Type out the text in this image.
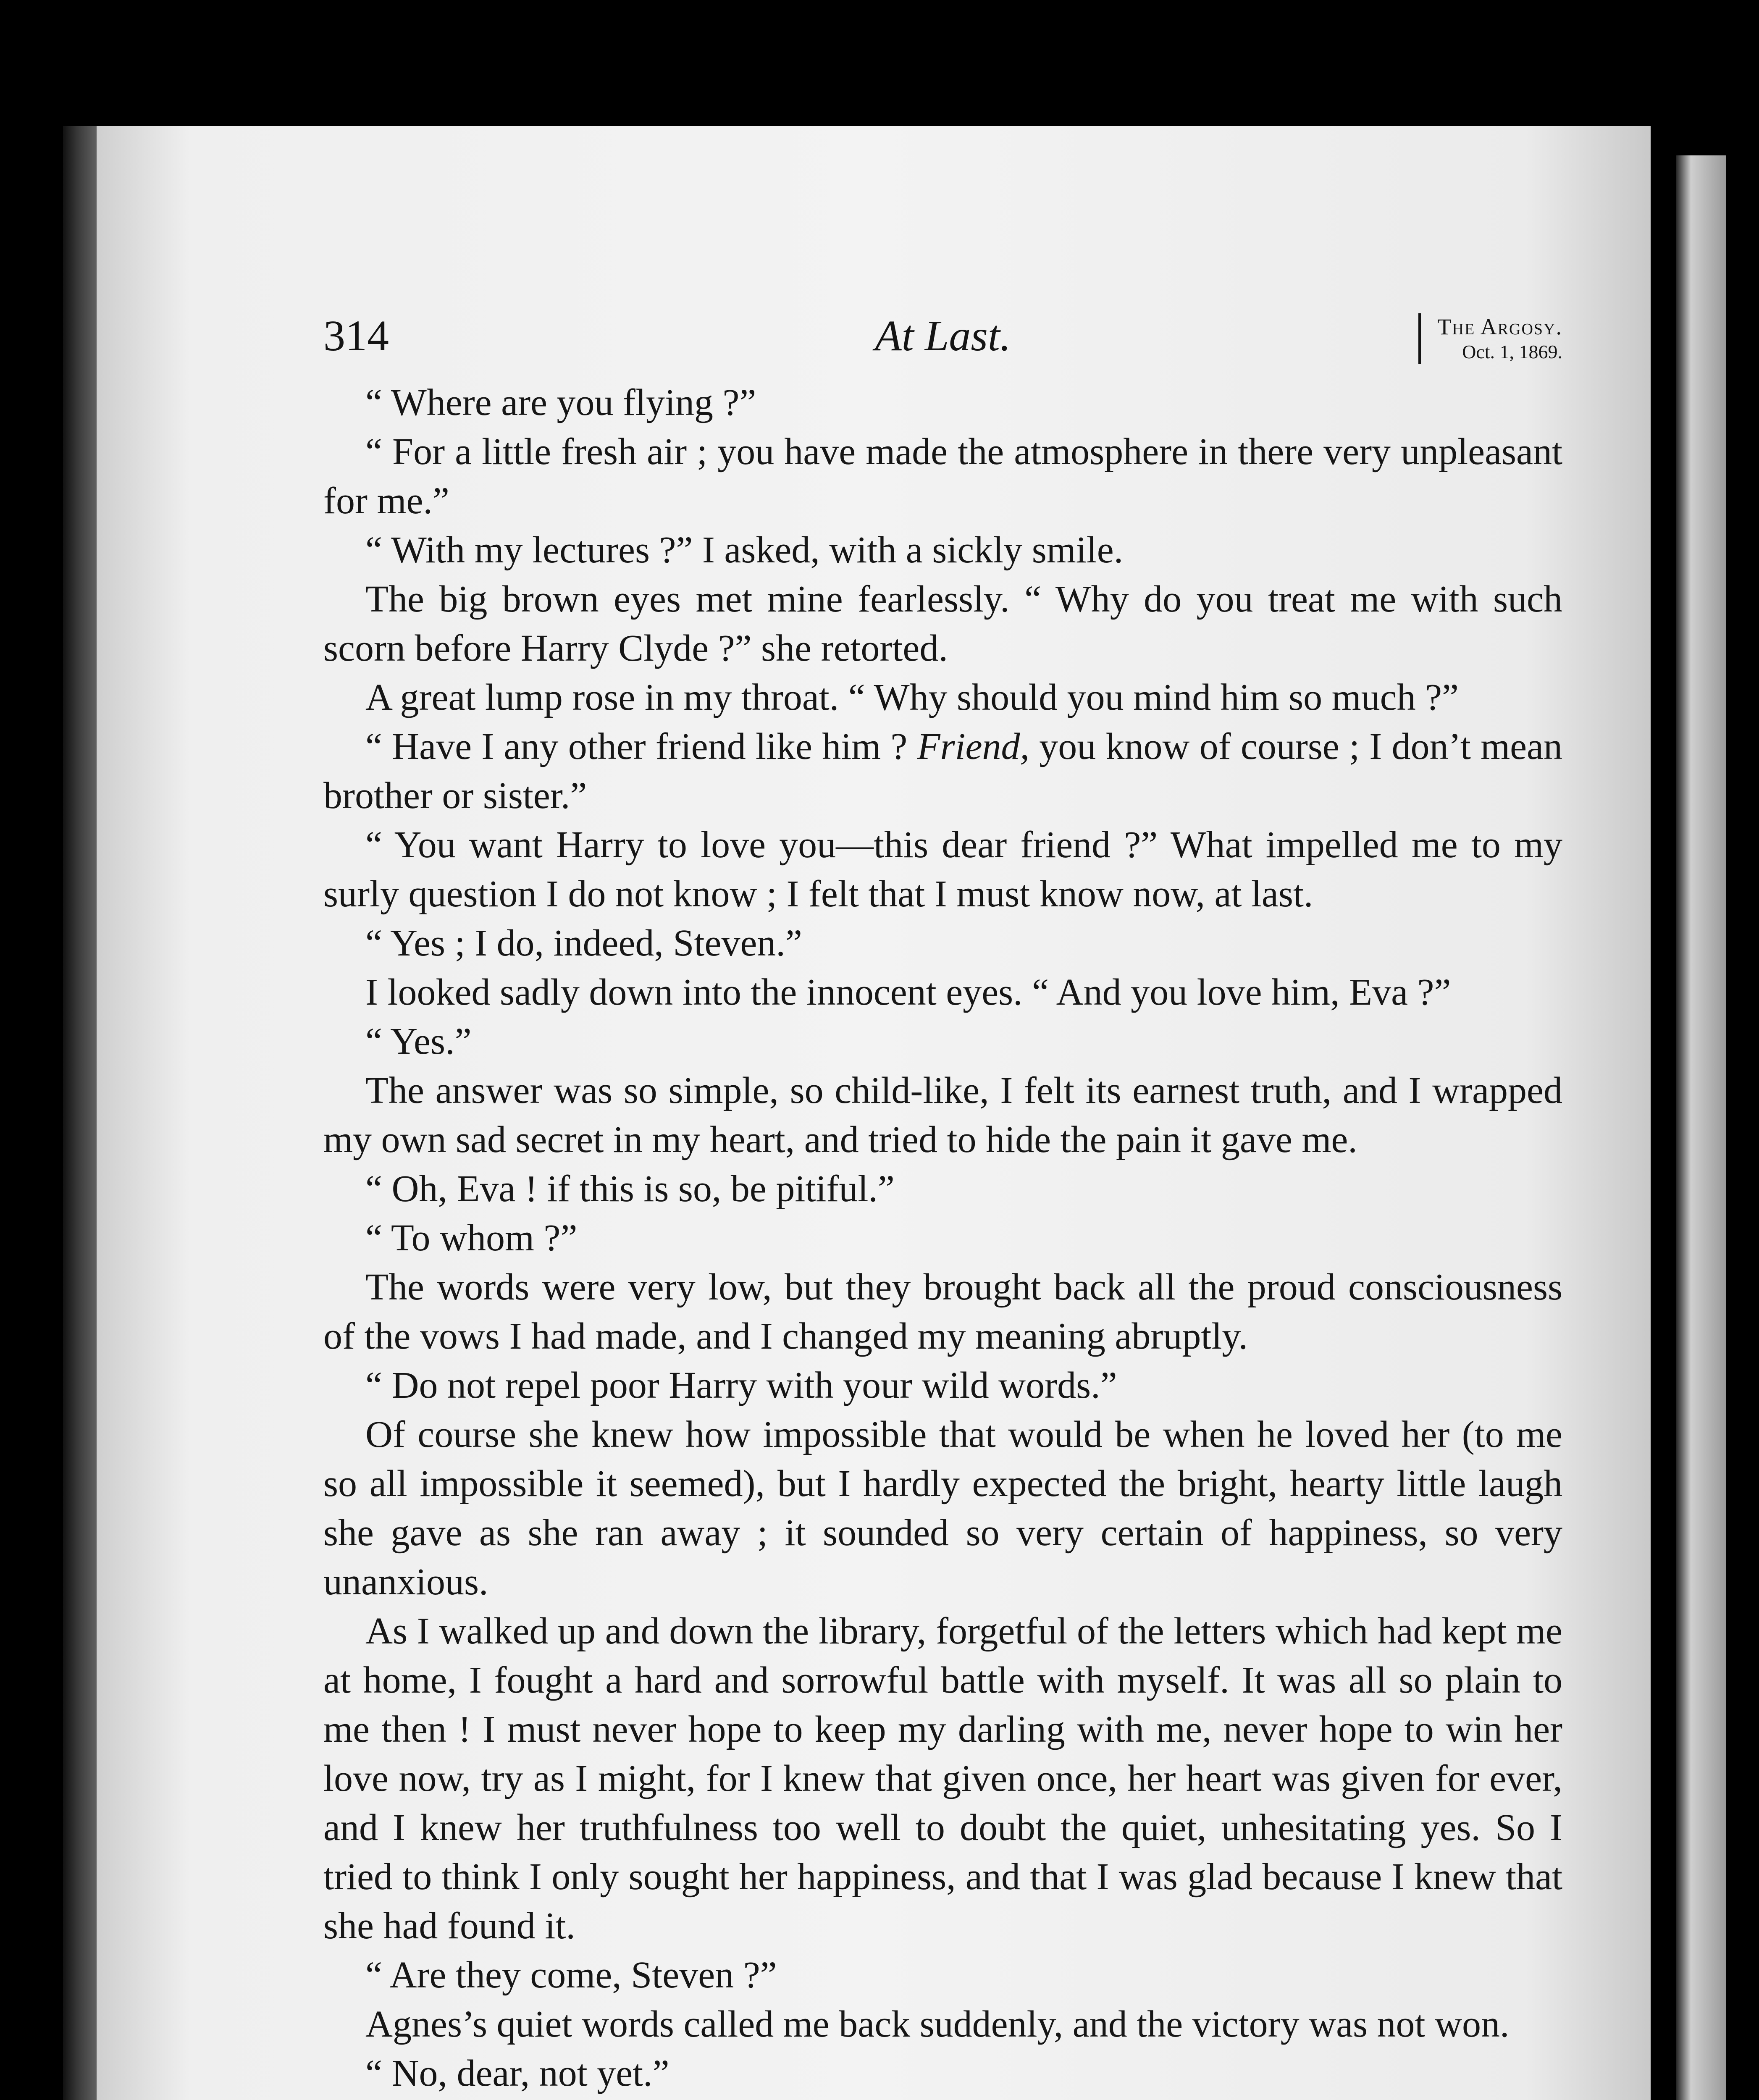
314	At Last.	The Argosy.
Oct. 1, 1869.

“ Where are you flying ?”

“ For a little fresh air ; you have made the atmosphere in there very unpleasant for me.”

“ With my lectures ?” I asked, with a sickly smile.

The big brown eyes met mine fearlessly. “ Why do you treat me with such scorn before Harry Clyde ?” she retorted.

A great lump rose in my throat. “ Why should you mind him so much ?”

“ Have I any other friend like him ? Friend, you know of course ; I don’t mean brother or sister.”

“ You want Harry to love you—this dear friend ?” What impelled me to my surly question I do not know ; I felt that I must know now, at last.

“ Yes ; I do, indeed, Steven.”

I looked sadly down into the innocent eyes. “ And you love him, Eva ?”

“ Yes.”

The answer was so simple, so child-like, I felt its earnest truth, and I wrapped my own sad secret in my heart, and tried to hide the pain it gave me.

“ Oh, Eva ! if this is so, be pitiful.”

“ To whom ?”

The words were very low, but they brought back all the proud consciousness of the vows I had made, and I changed my meaning abruptly.

“ Do not repel poor Harry with your wild words.”

Of course she knew how impossible that would be when he loved her (to me so all impossible it seemed), but I hardly expected the bright, hearty little laugh she gave as she ran away ; it sounded so very certain of happiness, so very unanxious.

As I walked up and down the library, forgetful of the letters which had kept me at home, I fought a hard and sorrowful battle with myself. It was all so plain to me then ! I must never hope to keep my darling with me, never hope to win her love now, try as I might, for I knew that given once, her heart was given for ever, and I knew her truthfulness too well to doubt the quiet, unhesitating yes. So I tried to think I only sought her happiness, and that I was glad because I knew that she had found it.

“ Are they come, Steven ?”

Agnes’s quiet words called me back suddenly, and the victory was not won.

“ No, dear, not yet.”
